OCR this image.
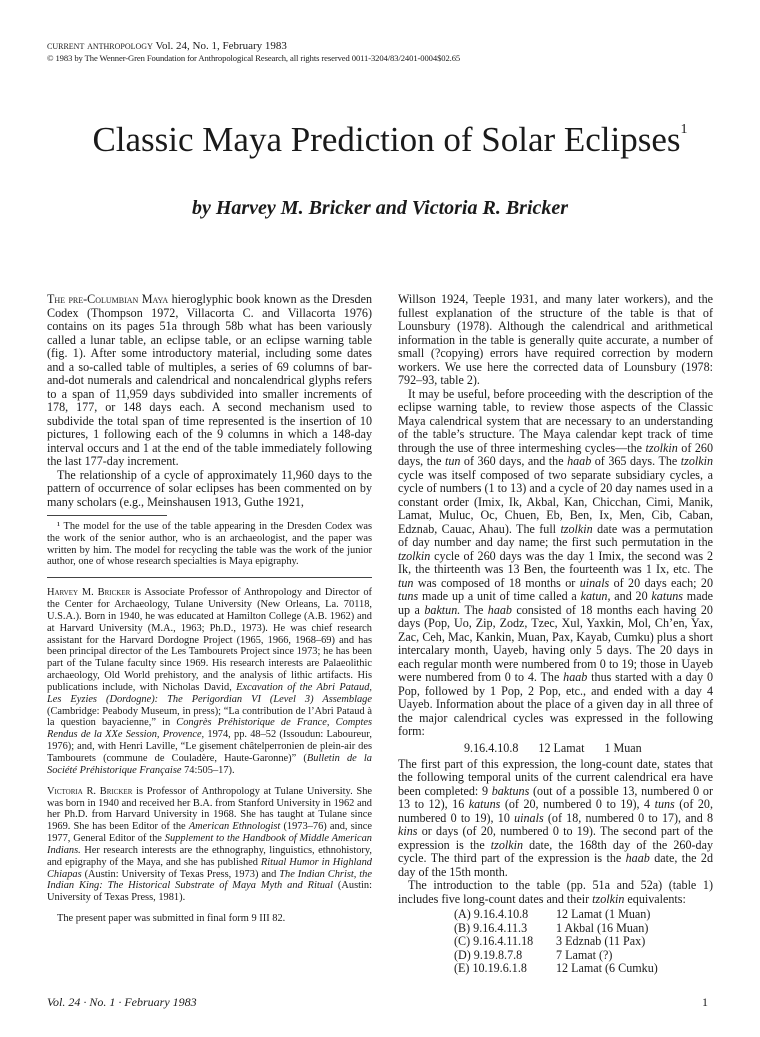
current anthropology Vol. 24, No. 1, February 1983
© 1983 by The Wenner-Gren Foundation for Anthropological Research, all rights reserved 0011-3204/83/2401-0004$02.65
Classic Maya Prediction of Solar Eclipses$^1$
by Harvey M. Bricker and Victoria R. Bricker

The pre-Columbian Maya hieroglyphic book known as the Dresden Codex (Thompson 1972, Villacorta C. and Villacorta 1976) contains on its pages 51a through 58b what has been variously called a lunar table, an eclipse table, or an eclipse warning table (fig. 1). After some introductory material, including some dates and a so-called table of multiples, a series of 69 columns of bar-and-dot numerals and calendrical and noncalendrical glyphs refers to a span of 11,959 days subdivided into smaller increments of 178, 177, or 148 days each. A second mechanism used to subdivide the total span of time represented is the insertion of 10 pictures, 1 following each of the 9 columns in which a 148-day interval occurs and 1 at the end of the table immediately following the last 177-day increment.

The relationship of a cycle of approximately 11,960 days to the pattern of occurrence of solar eclipses has been commented on by many scholars (e.g., Meinshausen 1913, Guthe 1921,

¹ The model for the use of the table appearing in the Dresden Codex was the work of the senior author, who is an archaeologist, and the paper was written by him. The model for recycling the table was the work of the junior author, one of whose research specialties is Maya epigraphy.

Harvey M. Bricker is Associate Professor of Anthropology and Director of the Center for Archaeology, Tulane University (New Orleans, La. 70118, U.S.A.). Born in 1940, he was educated at Hamilton College (A.B. 1962) and at Harvard University (M.A., 1963; Ph.D., 1973). He was chief research assistant for the Harvard Dordogne Project (1965, 1966, 1968–69) and has been principal director of the Les Tambourets Project since 1973; he has been part of the Tulane faculty since 1969. His research interests are Palaeolithic archaeology, Old World prehistory, and the analysis of lithic artifacts. His publications include, with Nicholas David, Excavation of the Abri Pataud, Les Eyzies (Dordogne): The Perigordian VI (Level 3) Assemblage (Cambridge: Peabody Museum, in press); “La contribution de l’Abri Pataud à la question bayacienne,” in Congrès Préhistorique de France, Comptes Rendus de la XXe Session, Provence, 1974, pp. 48–52 (Issoudun: Laboureur, 1976); and, with Henri Laville, “Le gisement châtelperronien de plein-air des Tambourets (commune de Couladère, Haute-Garonne)” (Bulletin de la Société Préhistorique Française 74:505–17).

Victoria R. Bricker is Professor of Anthropology at Tulane University. She was born in 1940 and received her B.A. from Stanford University in 1962 and her Ph.D. from Harvard University in 1968. She has taught at Tulane since 1969. She has been Editor of the American Ethnologist (1973–76) and, since 1977, General Editor of the Supplement to the Handbook of Middle American Indians. Her research interests are the ethnography, linguistics, ethnohistory, and epigraphy of the Maya, and she has published Ritual Humor in Highland Chiapas (Austin: University of Texas Press, 1973) and The Indian Christ, the Indian King: The Historical Substrate of Maya Myth and Ritual (Austin: University of Texas Press, 1981).

The present paper was submitted in final form 9 III 82.

Willson 1924, Teeple 1931, and many later workers), and the fullest explanation of the structure of the table is that of Lounsbury (1978). Although the calendrical and arithmetical information in the table is generally quite accurate, a number of small (?copying) errors have required correction by modern workers. We use here the corrected data of Lounsbury (1978: 792–93, table 2).

It may be useful, before proceeding with the description of the eclipse warning table, to review those aspects of the Classic Maya calendrical system that are necessary to an understanding of the table’s structure. The Maya calendar kept track of time through the use of three intermeshing cycles—the tzolkin of 260 days, the tun of 360 days, and the haab of 365 days. The tzolkin cycle was itself composed of two separate subsidiary cycles, a cycle of numbers (1 to 13) and a cycle of 20 day names used in a constant order (Imix, Ik, Akbal, Kan, Chicchan, Cimi, Manik, Lamat, Muluc, Oc, Chuen, Eb, Ben, Ix, Men, Cib, Caban, Edznab, Cauac, Ahau). The full tzolkin date was a permutation of day number and day name; the first such permutation in the tzolkin cycle of 260 days was the day 1 Imix, the second was 2 Ik, the thirteenth was 13 Ben, the fourteenth was 1 Ix, etc. The tun was composed of 18 months or uinals of 20 days each; 20 tuns made up a unit of time called a katun, and 20 katuns made up a baktun. The haab consisted of 18 months each having 20 days (Pop, Uo, Zip, Zodz, Tzec, Xul, Yaxkin, Mol, Ch’en, Yax, Zac, Ceh, Mac, Kankin, Muan, Pax, Kayab, Cumku) plus a short intercalary month, Uayeb, having only 5 days. The 20 days in each regular month were numbered from 0 to 19; those in Uayeb were numbered from 0 to 4. The haab thus started with a day 0 Pop, followed by 1 Pop, 2 Pop, etc., and ended with a day 4 Uayeb. Information about the place of a given day in all three of the major calendrical cycles was expressed in the following form:

9.16.4.10.8 12 Lamat 1 Muan

The first part of this expression, the long-count date, states that the following temporal units of the current calendrical era have been completed: 9 baktuns (out of a possible 13, numbered 0 or 13 to 12), 16 katuns (of 20, numbered 0 to 19), 4 tuns (of 20, numbered 0 to 19), 10 uinals (of 18, numbered 0 to 17), and 8 kins or days (of 20, numbered 0 to 19). The second part of the expression is the tzolkin date, the 168th day of the 260-day cycle. The third part of the expression is the haab date, the 2d day of the 15th month.

The introduction to the table (pp. 51a and 52a) (table 1) includes five long-count dates and their tzolkin equivalents:

(A) 9.16.4.10.8	12 Lamat (1 Muan)
(B) 9.16.4.11.3	1 Akbal (16 Muan)
(C) 9.16.4.11.18	3 Edznab (11 Pax)
(D) 9.19.8.7.8	7 Lamat (?)
(E) 10.19.6.1.8	12 Lamat (6 Cumku)
Vol. 24 · No. 1 · February 1983	1
